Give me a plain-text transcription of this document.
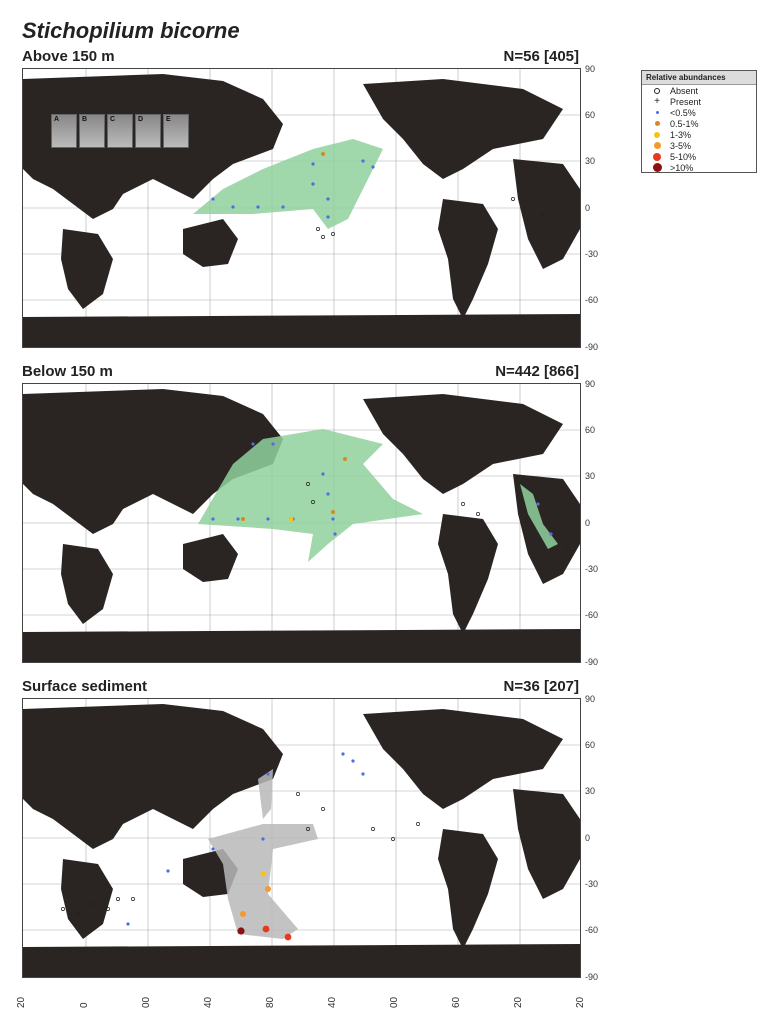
Stichopilium bicorne
Above 150 m	N=56 [405]
A	B	C	D	E
90
60
30
0
-30
-60
-90
Below 150 m	N=442 [866]
90
60
30
0
-30
-60
-90
Surface sediment	N=36 [207]
90
60
30
0
-30
-60
-90
20	0	00	40	80	40	00	60	20	20
Relative abundances
Absent
+	Present
<0.5%
0.5-1%
1-3%
3-5%
5-10%
>10%
